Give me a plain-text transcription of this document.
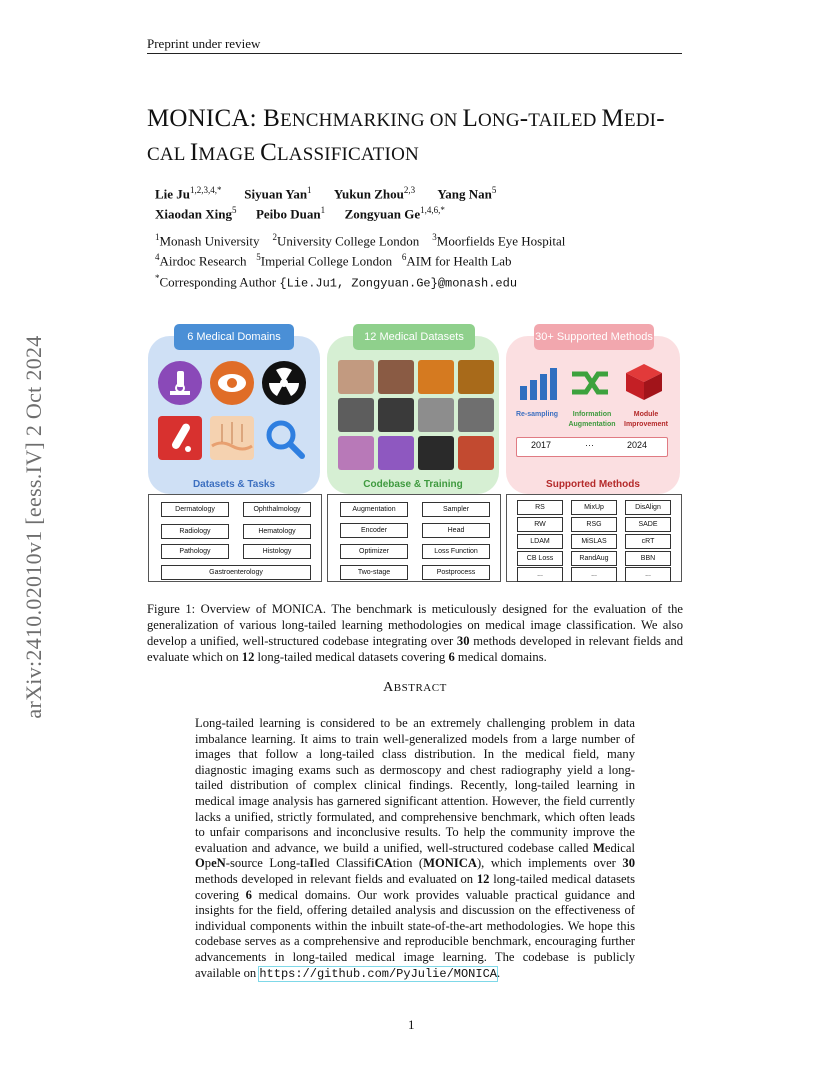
Preprint under review
arXiv:2410.02010v1 [eess.IV] 2 Oct 2024
MONICA: BENCHMARKING ON LONG-TAILED MEDI-
CAL IMAGE CLASSIFICATION
Lie $Ju^{1,2,3,4,*}$ Siyuan Yan$^1$ Yukun Zhou$^{2,3}$ Yang Nan$^5$
Xiaodan Xing$^5$ Peibo Duan$^1$ Zongyuan $Ge^{1,4,6,*}$
$^1$Monash University $^2$University College London $^3$Moorfields Eye Hospital
$^4$Airdoc Research $^5$Imperial College London $^6$AIM for Health Lab
*Corresponding Author {Lie.Ju1, Zongyuan.Ge}@monash.edu
6 Medical Domains	12 Medical Datasets	30+ Supported Methods
Re-sampling	Information Augmentation
Module Improvement
2017	···	2024
Datasets & Tasks	Codebase & Training	Supported Methods
Dermatology	Ophthalmology
Radiology	Hematology
Pathology	Histology
Gastroenterology
Augmentation	Sampler
Encoder	Head
Optimizer	Loss Function
Two-stage	Postprocess
RS	MixUp	DisAlign
RW	RSG	SADE
LDAM	MiSLAS	cRT
CB Loss	RandAug	BBN
...	...	...
Figure 1: Overview of MONICA. The benchmark is meticulously designed for the evaluation of the generalization of various long-tailed learning methodologies on medical image classification. We also develop a unified, well-structured codebase integrating over 30 methods developed in relevant fields and evaluate which on 12 long-tailed medical datasets covering 6 medical domains.
ABSTRACT
Long-tailed learning is considered to be an extremely challenging problem in data imbalance learning. It aims to train well-generalized models from a large number of images that follow a long-tailed class distribution. In the medical field, many diagnostic imaging exams such as dermoscopy and chest radiography yield a long-tailed distribution of complex clinical findings. Recently, long-tailed learning in medical image analysis has garnered significant attention. However, the field currently lacks a unified, strictly formulated, and comprehensive benchmark, which often leads to unfair comparisons and inconclusive results. To help the community improve the evaluation and advance, we build a unified, well-structured codebase called Medical OpeN-source Long-taIled ClassifiCAtion (MONICA), which implements over 30 methods developed in relevant fields and evaluated on 12 long-tailed medical datasets covering 6 medical domains. Our work provides valuable practical guidance and insights for the field, offering detailed analysis and discussion on the effectiveness of individual components within the inbuilt state-of-the-art methodologies. We hope this codebase serves as a comprehensive and reproducible benchmark, encouraging further advancements in long-tailed medical image learning. The codebase is publicly available on https://github.com/PyJulie/MONICA.
1
